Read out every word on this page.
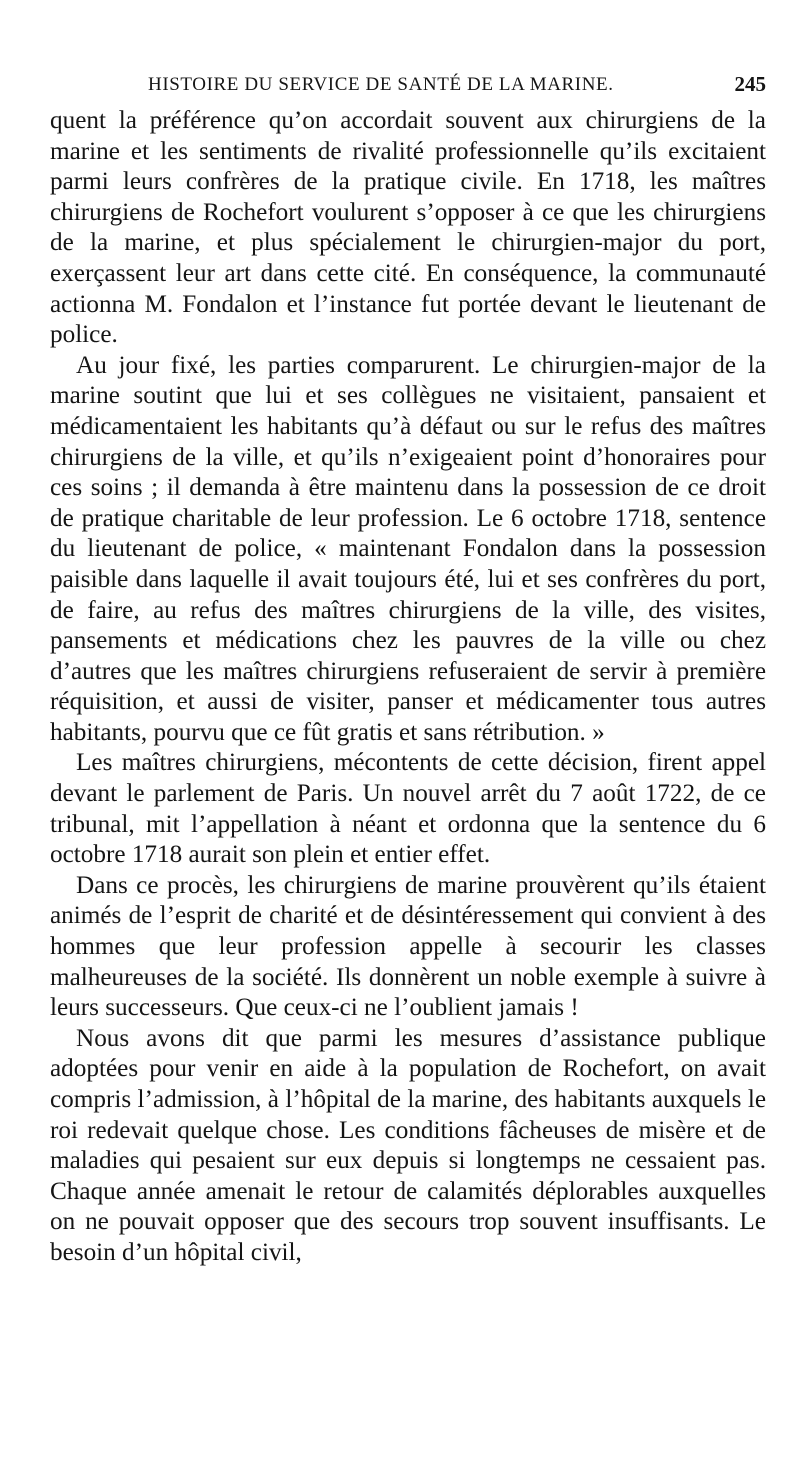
HISTOIRE DU SERVICE DE SANTÉ DE LA MARINE.	245

quent la préférence qu’on accordait souvent aux chirurgiens de la marine et les sentiments de rivalité professionnelle qu’ils excitaient parmi leurs confrères de la pratique civile. En 1718, les maîtres chirurgiens de Rochefort voulurent s’opposer à ce que les chirurgiens de la marine, et plus spécialement le chirurgien-major du port, exerçassent leur art dans cette cité. En conséquence, la communauté actionna M. Fondalon et l’instance fut portée devant le lieutenant de police.

Au jour fixé, les parties comparurent. Le chirurgien-major de la marine soutint que lui et ses collègues ne visitaient, pansaient et médicamentaient les habitants qu’à défaut ou sur le refus des maîtres chirurgiens de la ville, et qu’ils n’exigeaient point d’honoraires pour ces soins ; il demanda à être maintenu dans la possession de ce droit de pratique charitable de leur profession. Le 6 octobre 1718, sentence du lieutenant de police, « maintenant Fondalon dans la possession paisible dans laquelle il avait toujours été, lui et ses confrères du port, de faire, au refus des maîtres chirurgiens de la ville, des visites, pansements et médications chez les pauvres de la ville ou chez d’autres que les maîtres chirurgiens refuseraient de servir à première réquisition, et aussi de visiter, panser et médicamenter tous autres habitants, pourvu que ce fût gratis et sans rétribution. »

Les maîtres chirurgiens, mécontents de cette décision, firent appel devant le parlement de Paris. Un nouvel arrêt du 7 août 1722, de ce tribunal, mit l’appellation à néant et ordonna que la sentence du 6 octobre 1718 aurait son plein et entier effet.

Dans ce procès, les chirurgiens de marine prouvèrent qu’ils étaient animés de l’esprit de charité et de désintéressement qui convient à des hommes que leur profession appelle à secourir les classes malheureuses de la société. Ils donnèrent un noble exemple à suivre à leurs successeurs. Que ceux-ci ne l’oublient jamais !

Nous avons dit que parmi les mesures d’assistance publique adoptées pour venir en aide à la population de Rochefort, on avait compris l’admission, à l’hôpital de la marine, des habitants auxquels le roi redevait quelque chose. Les conditions fâcheuses de misère et de maladies qui pesaient sur eux depuis si longtemps ne cessaient pas. Chaque année amenait le retour de calamités déplorables auxquelles on ne pouvait opposer que des secours trop souvent insuffisants. Le besoin d’un hôpital civil,
